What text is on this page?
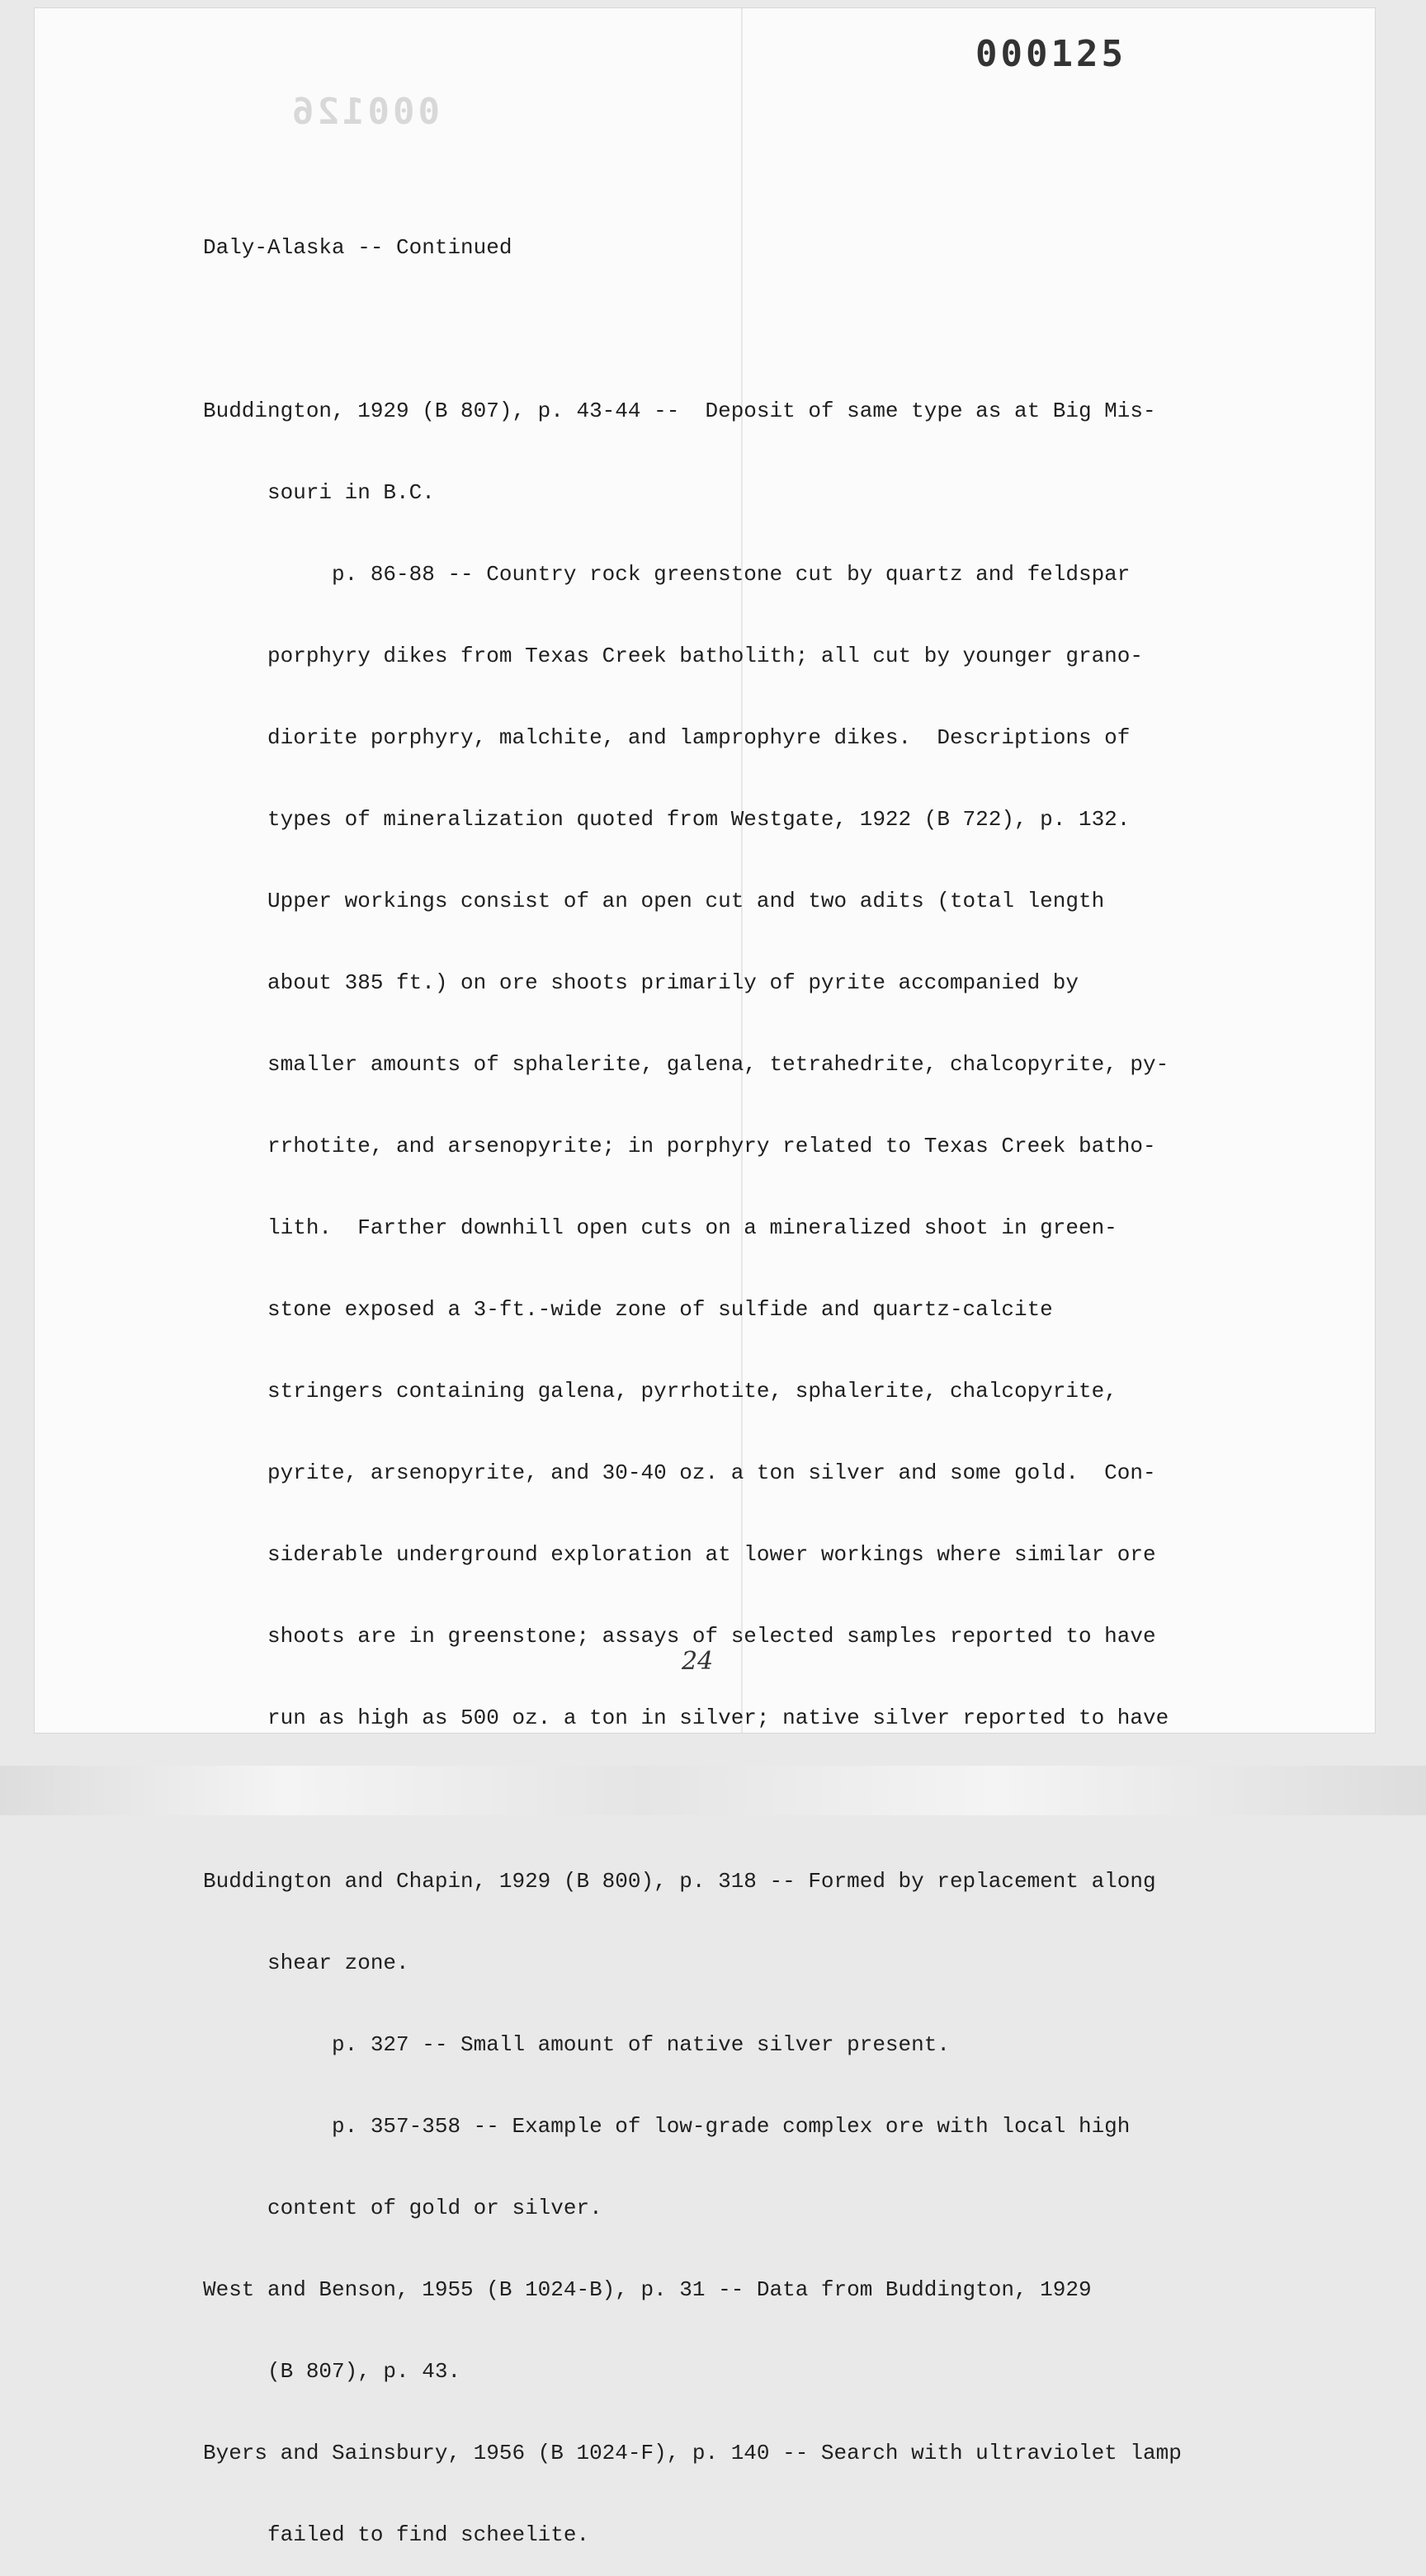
000125
000126

Daly-Alaska -- Continued

Buddington, 1929 (B 807), p. 43-44 --  Deposit of same type as at Big Mis-

souri in B.C.

p. 86-88 -- Country rock greenstone cut by quartz and feldspar

porphyry dikes from Texas Creek batholith; all cut by younger grano-

diorite porphyry, malchite, and lamprophyre dikes.  Descriptions of

types of mineralization quoted from Westgate, 1922 (B 722), p. 132.

Upper workings consist of an open cut and two adits (total length

about 385 ft.) on ore shoots primarily of pyrite accompanied by

smaller amounts of sphalerite, galena, tetrahedrite, chalcopyrite, py-

rrhotite, and arsenopyrite; in porphyry related to Texas Creek batho-

lith.  Farther downhill open cuts on a mineralized shoot in green-

stone exposed a 3-ft.-wide zone of sulfide and quartz-calcite

stringers containing galena, pyrrhotite, sphalerite, chalcopyrite,

pyrite, arsenopyrite, and 30-40 oz. a ton silver and some gold.  Con-

siderable underground exploration at lower workings where similar ore

shoots are in greenstone; assays of selected samples reported to have

run as high as 500 oz. a ton in silver; native silver reported to have

Buddington and Chapin, 1929 (B 800), p. 318 -- Formed by replacement along

shear zone.

p. 327 -- Small amount of native silver present.

p. 357-358 -- Example of low-grade complex ore with local high

content of gold or silver.

West and Benson, 1955 (B 1024-B), p. 31 -- Data from Buddington, 1929

(B 807), p. 43.

Byers and Sainsbury, 1956 (B 1024-F), p. 140 -- Search with ultraviolet lamp

failed to find scheelite.

24
